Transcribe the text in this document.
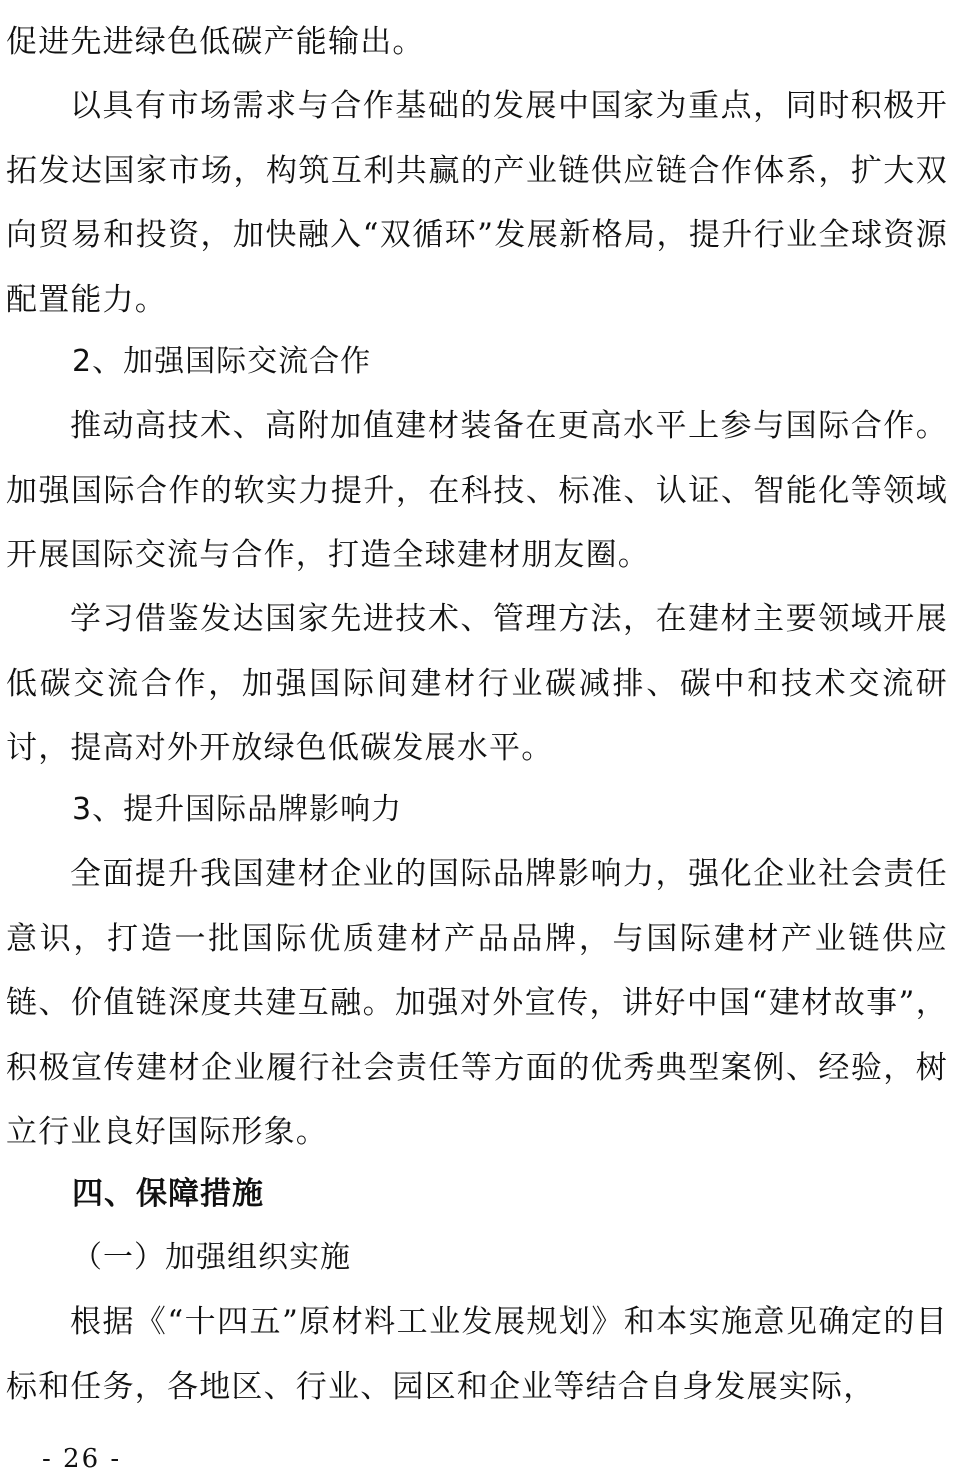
促进先进绿色低碳产能输出。

以具有市场需求与合作基础的发展中国家为重点，同时积极开拓发达国家市场，构筑互利共赢的产业链供应链合作体系，扩大双向贸易和投资，加快融入“双循环”发展新格局，提升行业全球资源配置能力。

2、加强国际交流合作

推动高技术、高附加值建材装备在更高水平上参与国际合作。加强国际合作的软实力提升，在科技、标准、认证、智能化等领域开展国际交流与合作，打造全球建材朋友圈。

学习借鉴发达国家先进技术、管理方法，在建材主要领域开展低碳交流合作，加强国际间建材行业碳减排、碳中和技术交流研讨，提高对外开放绿色低碳发展水平。

3、提升国际品牌影响力

全面提升我国建材企业的国际品牌影响力，强化企业社会责任意识，打造一批国际优质建材产品品牌，与国际建材产业链供应链、价值链深度共建互融。加强对外宣传，讲好中国“建材故事”，积极宣传建材企业履行社会责任等方面的优秀典型案例、经验，树立行业良好国际形象。

四、保障措施
（一）加强组织实施

根据《“十四五”原材料工业发展规划》和本实施意见确定的目标和任务，各地区、行业、园区和企业等结合自身发展实际，

- 26 -
